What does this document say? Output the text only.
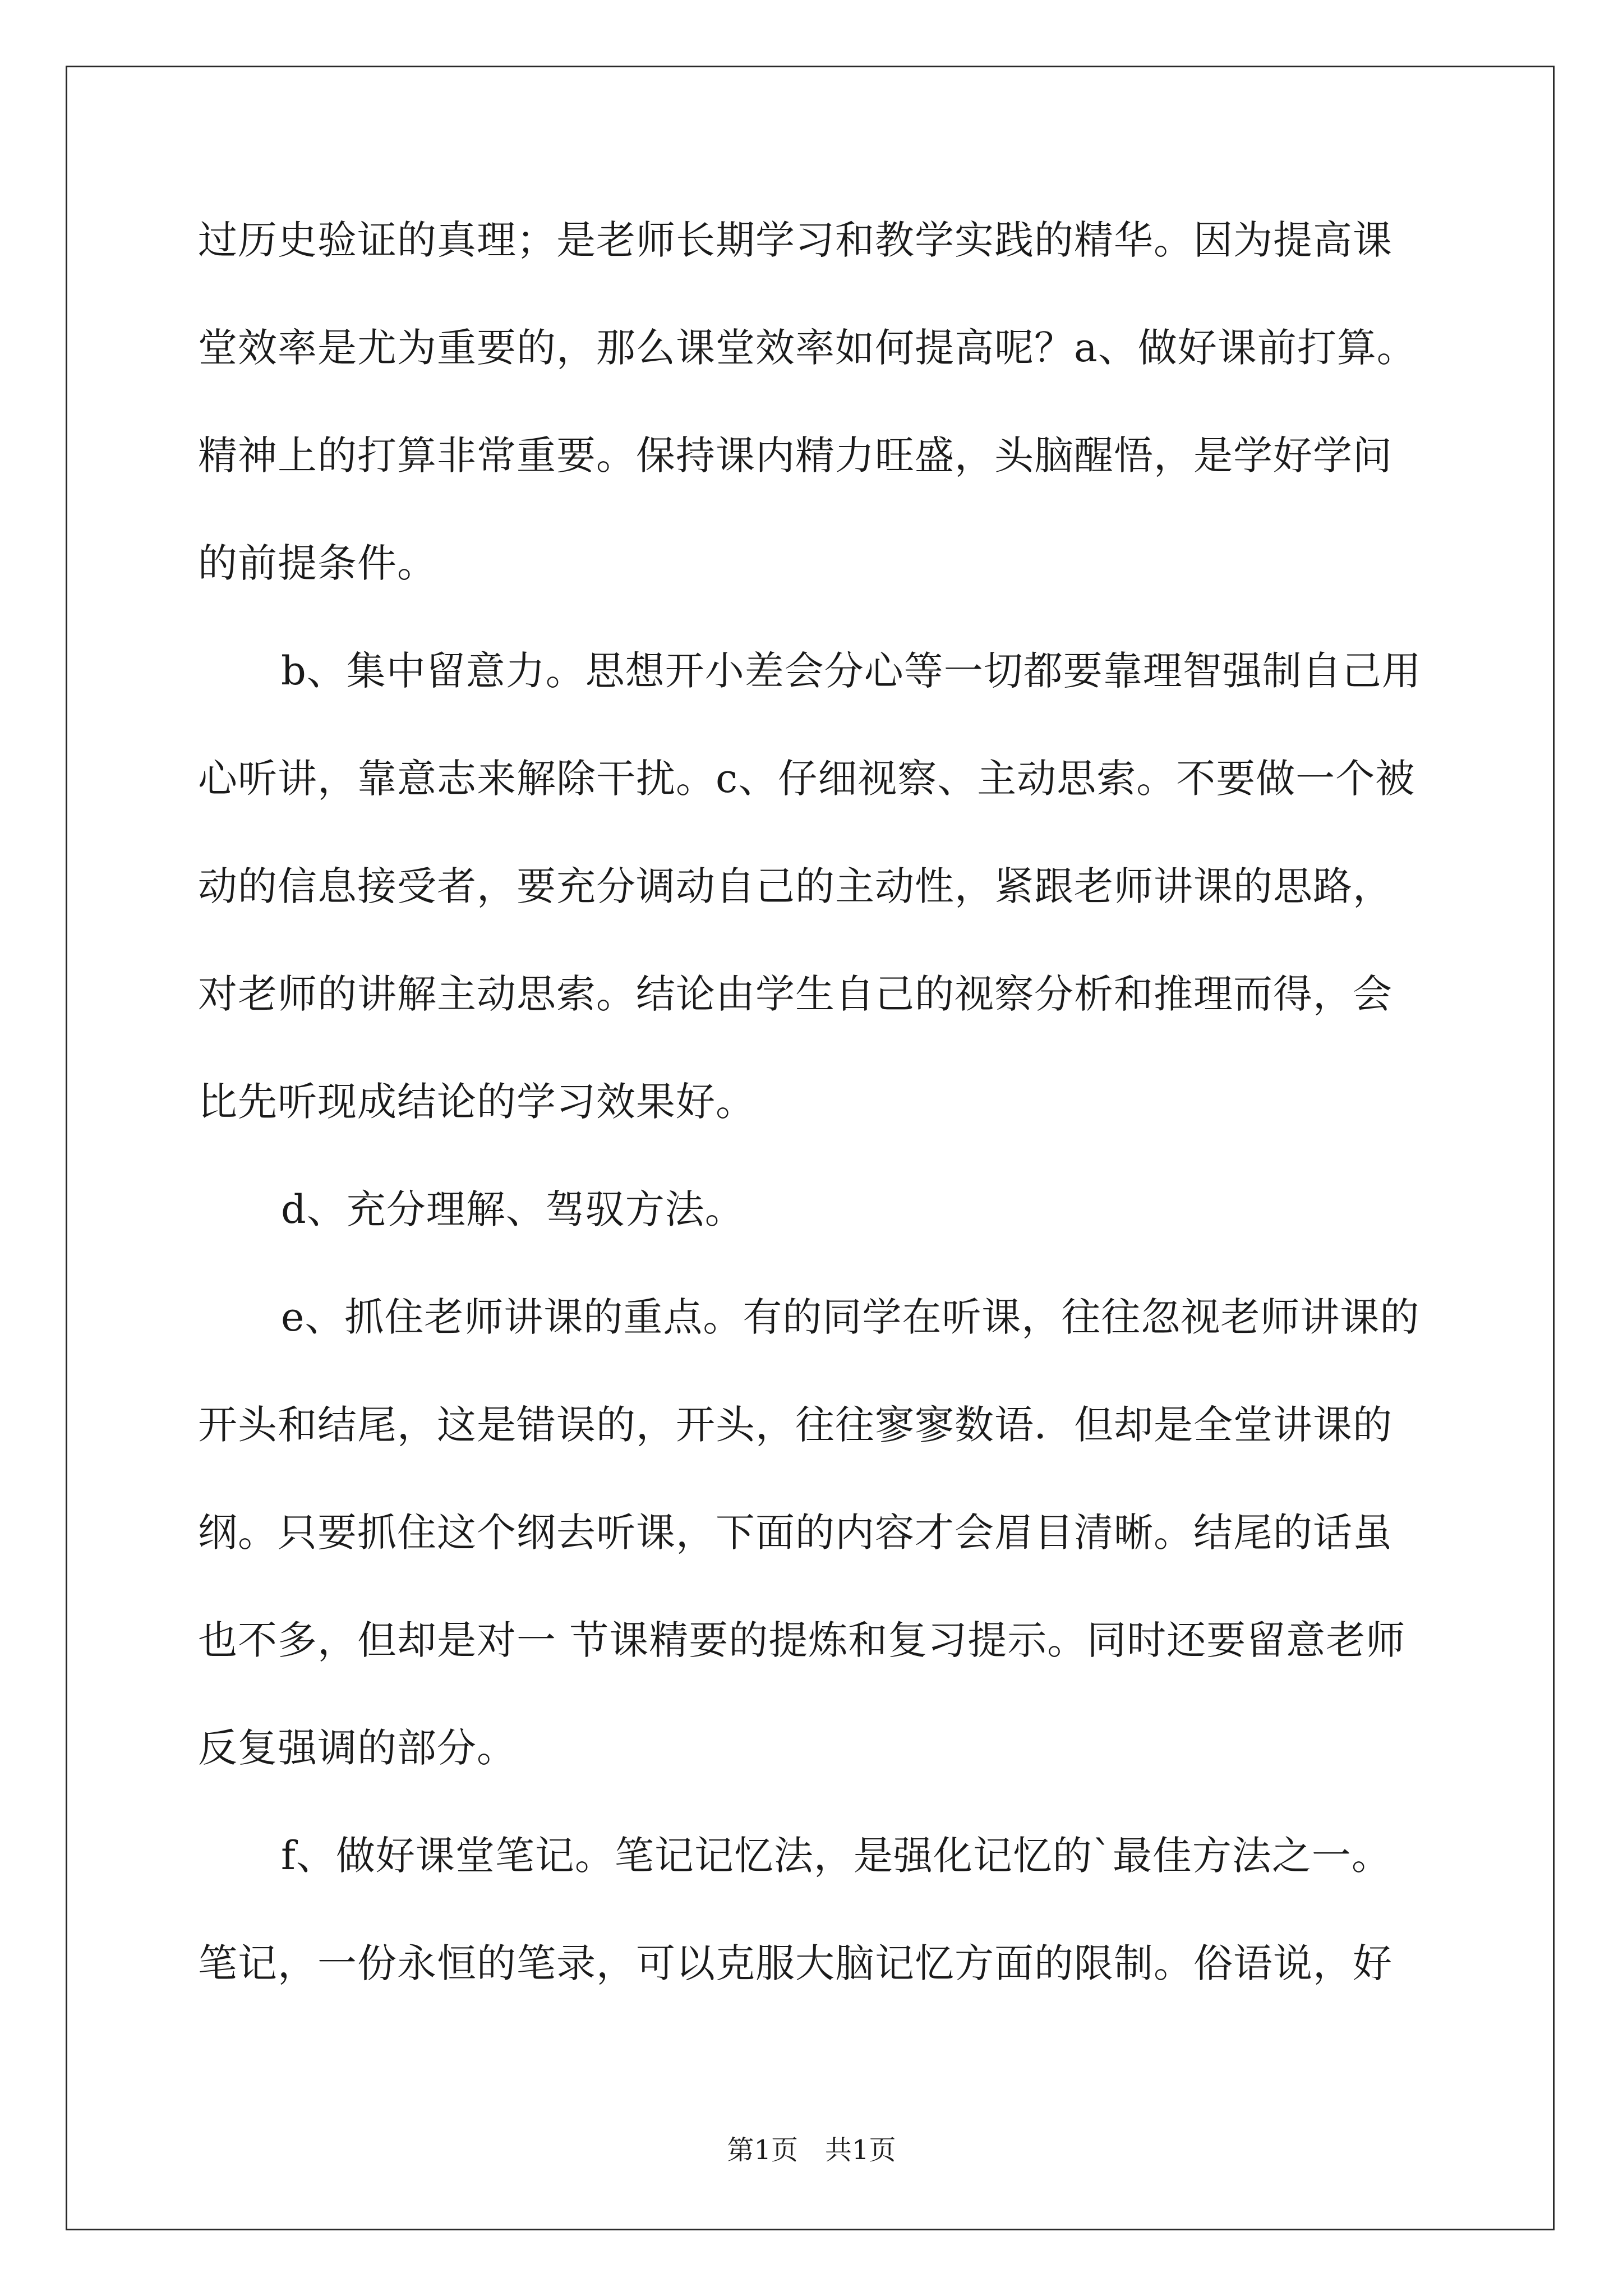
过历史验证的真理；是老师长期学习和教学实践的精华。因为提高课
堂效率是尤为重要的，那么课堂效率如何提高呢？a、做好课前打算。
精神上的打算非常重要。保持课内精力旺盛，头脑醒悟，是学好学问
的前提条件。
b、集中留意力。思想开小差会分心等一切都要靠理智强制自己用
心听讲，靠意志来解除干扰。c、仔细视察、主动思索。不要做一个被
动的信息接受者，要充分调动自己的主动性，紧跟老师讲课的思路，
对老师的讲解主动思索。结论由学生自己的视察分析和推理而得，会
比先听现成结论的学习效果好。
d、充分理解、驾驭方法。
e、抓住老师讲课的重点。有的同学在听课，往往忽视老师讲课的
开头和结尾，这是错误的，开头，往往寥寥数语．但却是全堂讲课的
纲。只要抓住这个纲去听课，下面的内容才会眉目清晰。结尾的话虽
也不多，但却是对一 节课精要的提炼和复习提示。同时还要留意老师
反复强调的部分。
f、做好课堂笔记。笔记记忆法，是强化记忆的`最佳方法之一。
笔记，一份永恒的笔录，可以克服大脑记忆方面的限制。俗语说，好
第1页　共1页
